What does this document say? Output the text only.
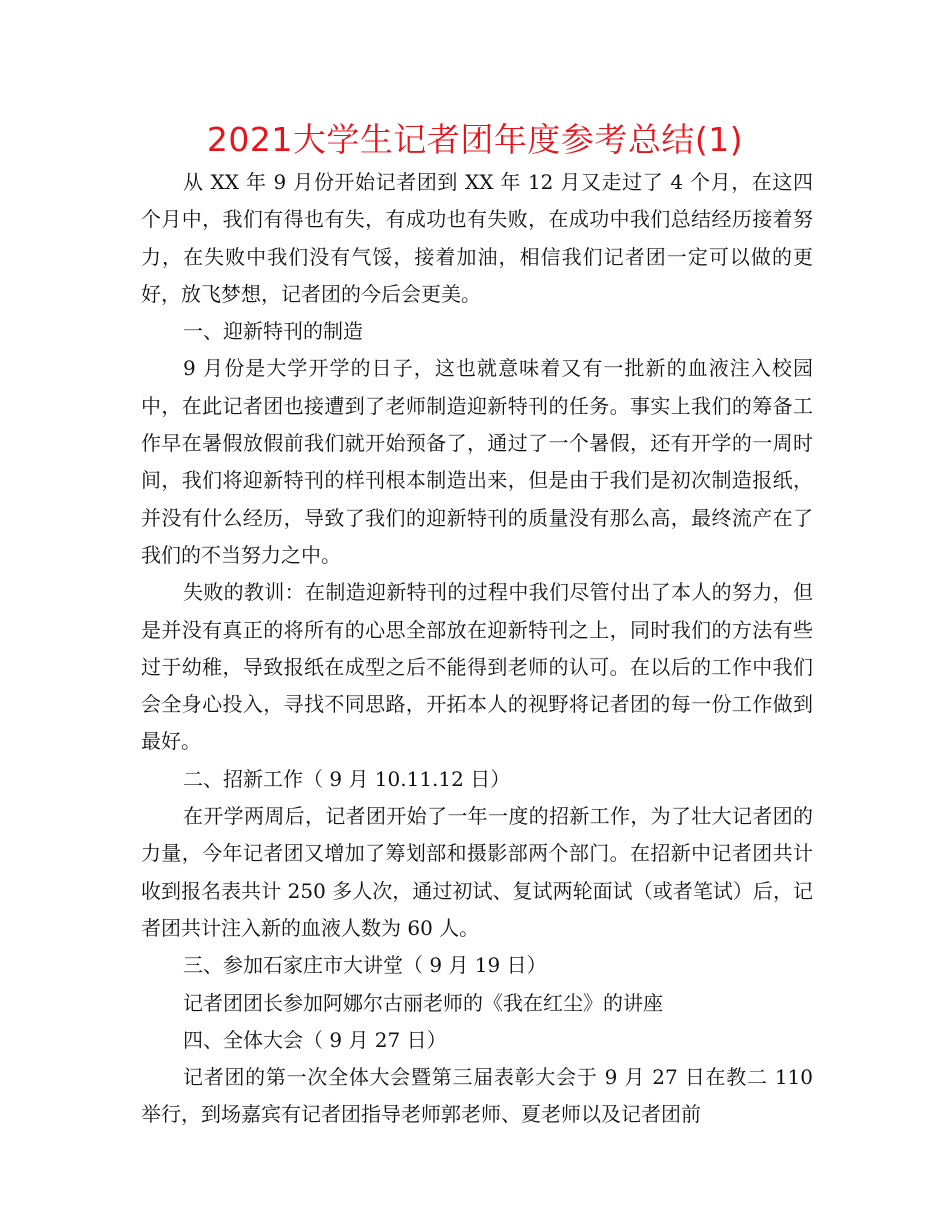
2021大学生记者团年度参考总结(1)

从 XX 年 9 月份开始记者团到 XX 年 12 月又走过了 4 个月，在这四个月中，我们有得也有失，有成功也有失败，在成功中我们总结经历接着努力，在失败中我们没有气馁，接着加油，相信我们记者团一定可以做的更好，放飞梦想，记者团的今后会更美。

一、迎新特刊的制造

9 月份是大学开学的日子，这也就意味着又有一批新的血液注入校园中，在此记者团也接遭到了老师制造迎新特刊的任务。事实上我们的筹备工作早在暑假放假前我们就开始预备了，通过了一个暑假，还有开学的一周时间，我们将迎新特刊的样刊根本制造出来，但是由于我们是初次制造报纸，并没有什么经历，导致了我们的迎新特刊的质量没有那么高，最终流产在了我们的不当努力之中。

失败的教训：在制造迎新特刊的过程中我们尽管付出了本人的努力，但是并没有真正的将所有的心思全部放在迎新特刊之上，同时我们的方法有些过于幼稚，导致报纸在成型之后不能得到老师的认可。在以后的工作中我们会全身心投入，寻找不同思路，开拓本人的视野将记者团的每一份工作做到最好。

二、招新工作（ 9 月 10.11.12 日）

在开学两周后，记者团开始了一年一度的招新工作，为了壮大记者团的力量，今年记者团又增加了筹划部和摄影部两个部门。在招新中记者团共计收到报名表共计 250 多人次，通过初试、复试两轮面试（或者笔试）后，记者团共计注入新的血液人数为 60 人。

三、参加石家庄市大讲堂（ 9 月 19 日）

记者团团长参加阿娜尔古丽老师的《我在红尘》的讲座

四、全体大会（ 9 月 27 日）

记者团的第一次全体大会暨第三届表彰大会于 9 月 27 日在教二 110 举行，到场嘉宾有记者团指导老师郭老师、夏老师以及记者团前
